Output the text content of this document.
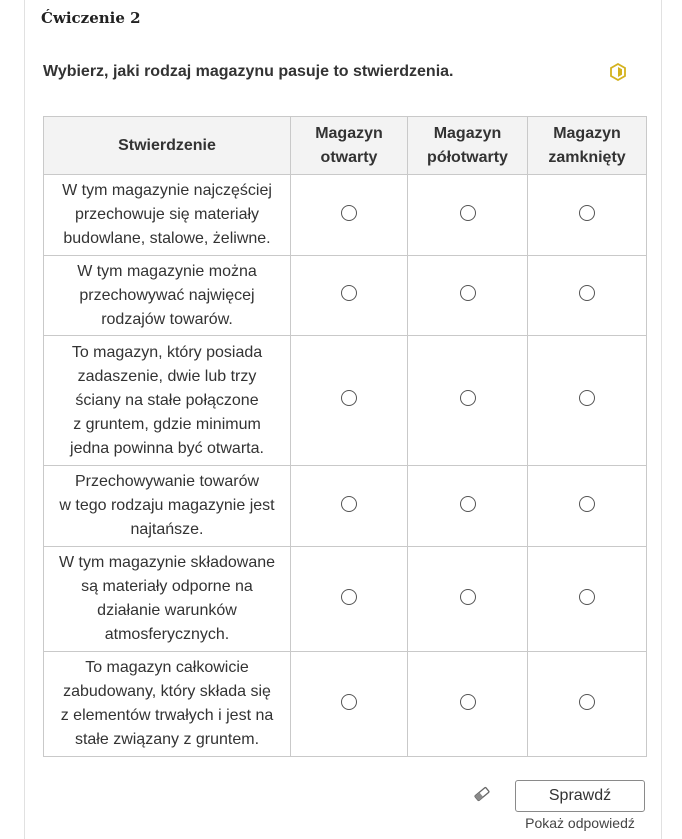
Ćwiczenie 2
Wybierz, jaki rodzaj magazynu pasuje to stwierdzenia.
Stwierdzenie	Magazyn otwarty	Magazyn półotwarty	Magazyn zamknięty

W tym magazynie najczęściej
przechowuje się materiały
budowlane, stalowe, żeliwne.			

W tym magazynie można
przechowywać najwięcej
rodzajów towarów.			

To magazyn, który posiada
zadaszenie, dwie lub trzy
ściany na stałe połączone
z gruntem, gdzie minimum
jedna powinna być otwarta.			

Przechowywanie towarów
w tego rodzaju magazynie jest
najtańsze.			

W tym magazynie składowane
są materiały odporne na
działanie warunków
atmosferycznych.			

To magazyn całkowicie
zabudowany, który składa się
z elementów trwałych i jest na
stałe związany z gruntem.			

Sprawdź
Pokaż odpowiedź
